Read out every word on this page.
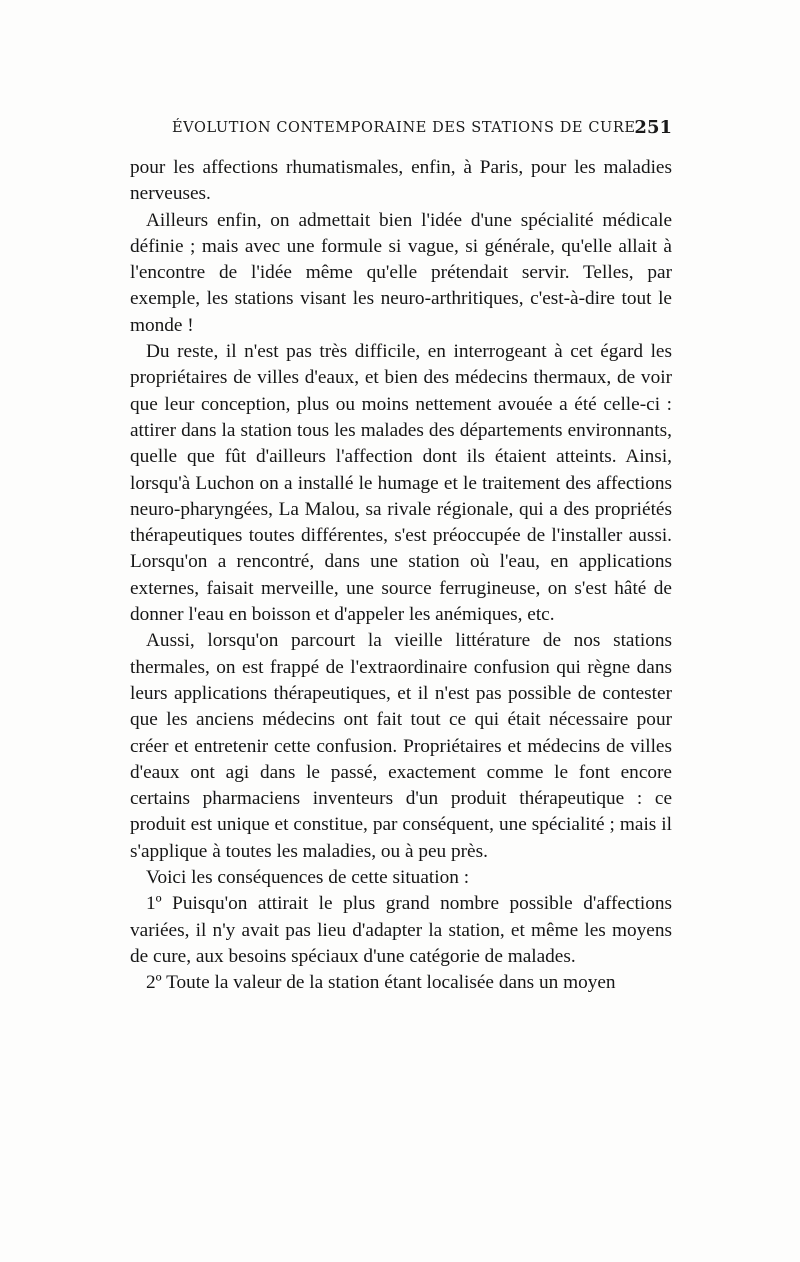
ÉVOLUTION CONTEMPORAINE DES STATIONS DE CURE
251

pour les affections rhumatismales, enfin, à Paris, pour les maladies nerveuses.

Ailleurs enfin, on admettait bien l'idée d'une spécialité médicale définie ; mais avec une formule si vague, si générale, qu'elle allait à l'encontre de l'idée même qu'elle prétendait servir. Telles, par exemple, les stations visant les neuro-arthritiques, c'est-à-dire tout le monde !

Du reste, il n'est pas très difficile, en interrogeant à cet égard les propriétaires de villes d'eaux, et bien des médecins thermaux, de voir que leur conception, plus ou moins nettement avouée a été celle-ci : attirer dans la station tous les malades des départements environnants, quelle que fût d'ailleurs l'affection dont ils étaient atteints. Ainsi, lorsqu'à Luchon on a installé le humage et le traitement des affections neuro-pharyngées, La Malou, sa rivale régionale, qui a des propriétés thérapeutiques toutes différentes, s'est préoccupée de l'installer aussi. Lorsqu'on a rencontré, dans une station où l'eau, en applications externes, faisait merveille, une source ferrugineuse, on s'est hâté de donner l'eau en boisson et d'appeler les anémiques, etc.

Aussi, lorsqu'on parcourt la vieille littérature de nos stations thermales, on est frappé de l'extraordinaire confusion qui règne dans leurs applications thérapeutiques, et il n'est pas possible de contester que les anciens médecins ont fait tout ce qui était nécessaire pour créer et entretenir cette confusion. Propriétaires et médecins de villes d'eaux ont agi dans le passé, exactement comme le font encore certains pharmaciens inventeurs d'un produit thérapeutique : ce produit est unique et constitue, par conséquent, une spécialité ; mais il s'applique à toutes les maladies, ou à peu près.

Voici les conséquences de cette situation :

1º Puisqu'on attirait le plus grand nombre possible d'affections variées, il n'y avait pas lieu d'adapter la station, et même les moyens de cure, aux besoins spéciaux d'une catégorie de malades.

2º Toute la valeur de la station étant localisée dans un moyen
